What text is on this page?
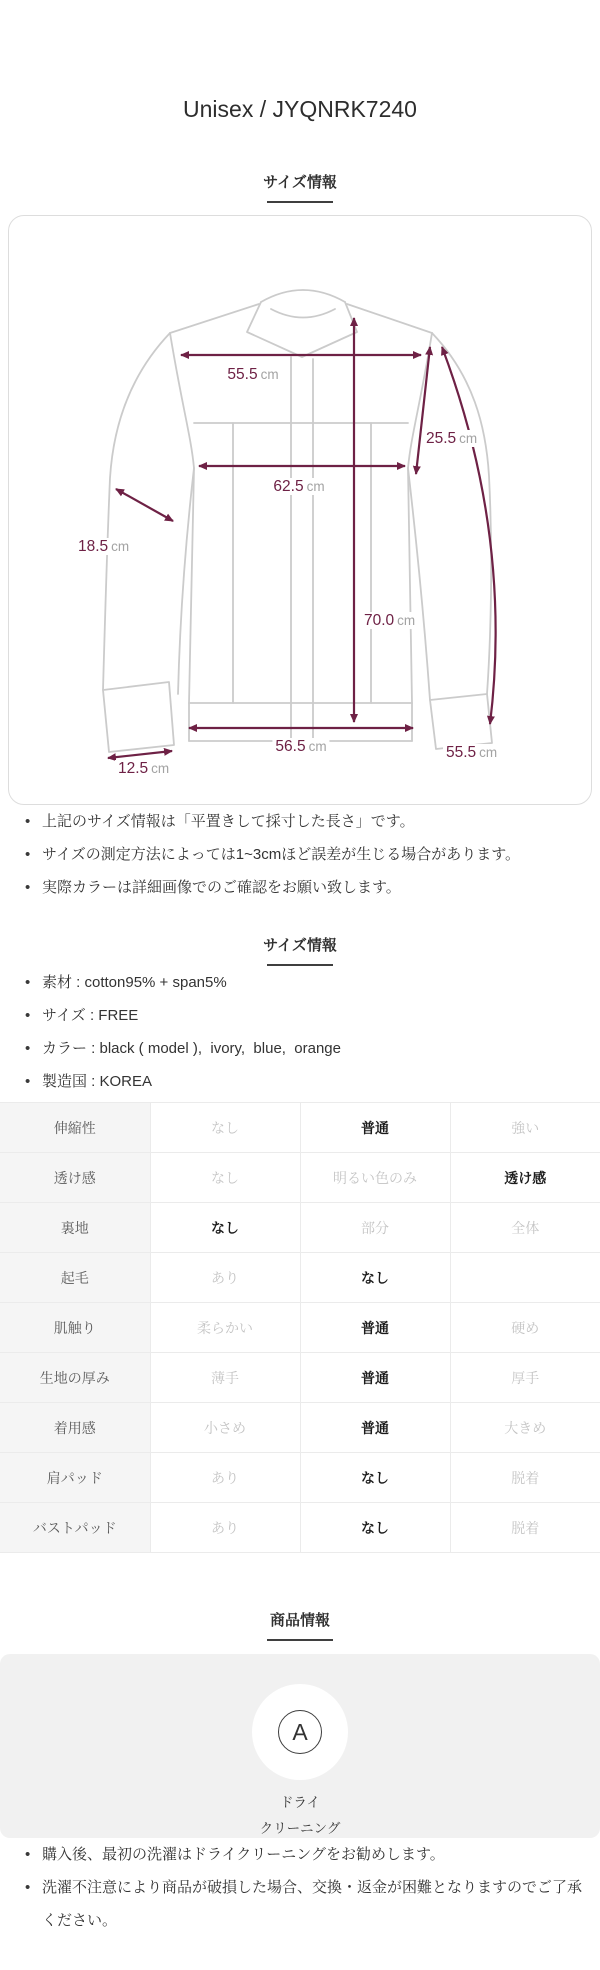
Unisex / JYQNRK7240
サイズ情報
55.5 cm
25.5 cm
62.5 cm
18.5 cm
70.0 cm
56.5 cm	55.5 cm
12.5 cm
• 上記のサイズ情報は「平置きして採寸した長さ」です。
• サイズの測定方法によっては1~3cmほど誤差が生じる場合があります。
• 実際カラーは詳細画像でのご確認をお願い致します。
サイズ情報
• 素材 : cotton95% + span5%
• サイズ : FREE
• カラー : black ( model ),  ivory,  blue,  orange
• 製造国 : KOREA
伸縮性	なし	普通	強い
透け感	なし	明るい色のみ	透け感
裏地	なし	部分	全体
起毛	あり	なし	
肌触り	柔らかい	普通	硬め
生地の厚み	薄手	普通	厚手
着用感	小さめ	普通	大きめ
肩パッド	あり	なし	脱着
バストパッド	あり	なし	脱着
商品情報
A
ドライ
クリーニング
• 購入後、最初の洗濯はドライクリーニングをお勧めします。
• 洗濯不注意により商品が破損した場合、交換・返金が困難となりますのでご了承ください。
